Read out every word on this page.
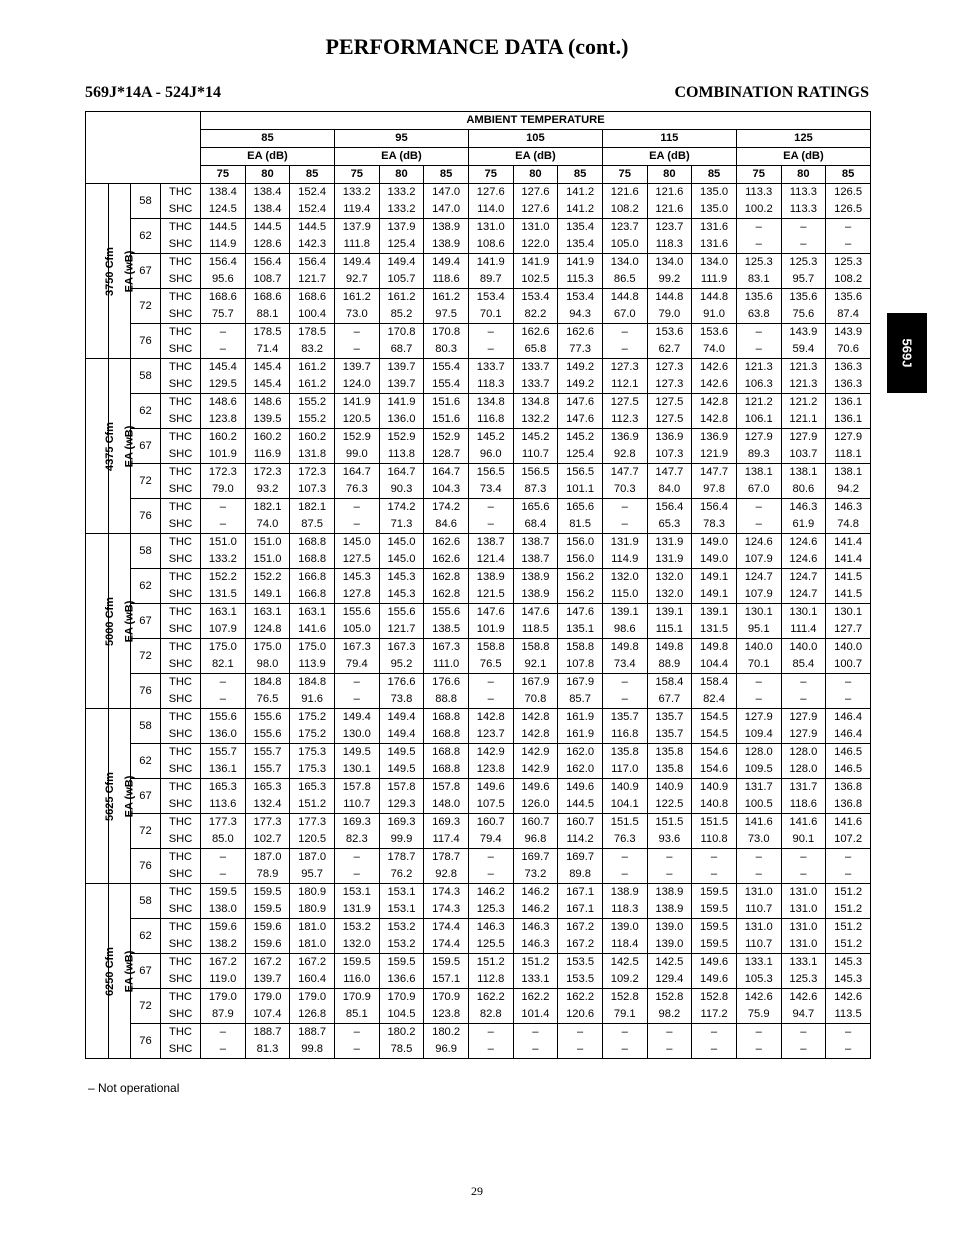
PERFORMANCE DATA (cont.)
569J*14A - 524J*14	COMBINATION RATINGS
569J
				AMBIENT TEMPERATURE														
				85			95			105			115			125		
				EA (dB)			EA (dB)			EA (dB)			EA (dB)			EA (dB)		
				75	80	85	75	80	85	75	80	85	75	80	85	75	80	85
3750 Cfm	EA (wB)	58	THC	138.4	138.4	152.4	133.2	133.2	147.0	127.6	127.6	141.2	121.6	121.6	135.0	113.3	113.3	126.5
			SHC	124.5	138.4	152.4	119.4	133.2	147.0	114.0	127.6	141.2	108.2	121.6	135.0	100.2	113.3	126.5
		62	THC	144.5	144.5	144.5	137.9	137.9	138.9	131.0	131.0	135.4	123.7	123.7	131.6	–	–	–
			SHC	114.9	128.6	142.3	111.8	125.4	138.9	108.6	122.0	135.4	105.0	118.3	131.6	–	–	–
		67	THC	156.4	156.4	156.4	149.4	149.4	149.4	141.9	141.9	141.9	134.0	134.0	134.0	125.3	125.3	125.3
			SHC	95.6	108.7	121.7	92.7	105.7	118.6	89.7	102.5	115.3	86.5	99.2	111.9	83.1	95.7	108.2
		72	THC	168.6	168.6	168.6	161.2	161.2	161.2	153.4	153.4	153.4	144.8	144.8	144.8	135.6	135.6	135.6
			SHC	75.7	88.1	100.4	73.0	85.2	97.5	70.1	82.2	94.3	67.0	79.0	91.0	63.8	75.6	87.4
		76	THC	–	178.5	178.5	–	170.8	170.8	–	162.6	162.6	–	153.6	153.6	–	143.9	143.9
			SHC	–	71.4	83.2	–	68.7	80.3	–	65.8	77.3	–	62.7	74.0	–	59.4	70.6
4375 Cfm	EA (wB)	58	THC	145.4	145.4	161.2	139.7	139.7	155.4	133.7	133.7	149.2	127.3	127.3	142.6	121.3	121.3	136.3
			SHC	129.5	145.4	161.2	124.0	139.7	155.4	118.3	133.7	149.2	112.1	127.3	142.6	106.3	121.3	136.3
		62	THC	148.6	148.6	155.2	141.9	141.9	151.6	134.8	134.8	147.6	127.5	127.5	142.8	121.2	121.2	136.1
			SHC	123.8	139.5	155.2	120.5	136.0	151.6	116.8	132.2	147.6	112.3	127.5	142.8	106.1	121.1	136.1
		67	THC	160.2	160.2	160.2	152.9	152.9	152.9	145.2	145.2	145.2	136.9	136.9	136.9	127.9	127.9	127.9
			SHC	101.9	116.9	131.8	99.0	113.8	128.7	96.0	110.7	125.4	92.8	107.3	121.9	89.3	103.7	118.1
		72	THC	172.3	172.3	172.3	164.7	164.7	164.7	156.5	156.5	156.5	147.7	147.7	147.7	138.1	138.1	138.1
			SHC	79.0	93.2	107.3	76.3	90.3	104.3	73.4	87.3	101.1	70.3	84.0	97.8	67.0	80.6	94.2
		76	THC	–	182.1	182.1	–	174.2	174.2	–	165.6	165.6	–	156.4	156.4	–	146.3	146.3
			SHC	–	74.0	87.5	–	71.3	84.6	–	68.4	81.5	–	65.3	78.3	–	61.9	74.8
5000 Cfm	EA (wB)	58	THC	151.0	151.0	168.8	145.0	145.0	162.6	138.7	138.7	156.0	131.9	131.9	149.0	124.6	124.6	141.4
			SHC	133.2	151.0	168.8	127.5	145.0	162.6	121.4	138.7	156.0	114.9	131.9	149.0	107.9	124.6	141.4
		62	THC	152.2	152.2	166.8	145.3	145.3	162.8	138.9	138.9	156.2	132.0	132.0	149.1	124.7	124.7	141.5
			SHC	131.5	149.1	166.8	127.8	145.3	162.8	121.5	138.9	156.2	115.0	132.0	149.1	107.9	124.7	141.5
		67	THC	163.1	163.1	163.1	155.6	155.6	155.6	147.6	147.6	147.6	139.1	139.1	139.1	130.1	130.1	130.1
			SHC	107.9	124.8	141.6	105.0	121.7	138.5	101.9	118.5	135.1	98.6	115.1	131.5	95.1	111.4	127.7
		72	THC	175.0	175.0	175.0	167.3	167.3	167.3	158.8	158.8	158.8	149.8	149.8	149.8	140.0	140.0	140.0
			SHC	82.1	98.0	113.9	79.4	95.2	111.0	76.5	92.1	107.8	73.4	88.9	104.4	70.1	85.4	100.7
		76	THC	–	184.8	184.8	–	176.6	176.6	–	167.9	167.9	–	158.4	158.4	–	–	–
			SHC	–	76.5	91.6	–	73.8	88.8	–	70.8	85.7	–	67.7	82.4	–	–	–
5625 Cfm	EA (wB)	58	THC	155.6	155.6	175.2	149.4	149.4	168.8	142.8	142.8	161.9	135.7	135.7	154.5	127.9	127.9	146.4
			SHC	136.0	155.6	175.2	130.0	149.4	168.8	123.7	142.8	161.9	116.8	135.7	154.5	109.4	127.9	146.4
		62	THC	155.7	155.7	175.3	149.5	149.5	168.8	142.9	142.9	162.0	135.8	135.8	154.6	128.0	128.0	146.5
			SHC	136.1	155.7	175.3	130.1	149.5	168.8	123.8	142.9	162.0	117.0	135.8	154.6	109.5	128.0	146.5
		67	THC	165.3	165.3	165.3	157.8	157.8	157.8	149.6	149.6	149.6	140.9	140.9	140.9	131.7	131.7	136.8
			SHC	113.6	132.4	151.2	110.7	129.3	148.0	107.5	126.0	144.5	104.1	122.5	140.8	100.5	118.6	136.8
		72	THC	177.3	177.3	177.3	169.3	169.3	169.3	160.7	160.7	160.7	151.5	151.5	151.5	141.6	141.6	141.6
			SHC	85.0	102.7	120.5	82.3	99.9	117.4	79.4	96.8	114.2	76.3	93.6	110.8	73.0	90.1	107.2
		76	THC	–	187.0	187.0	–	178.7	178.7	–	169.7	169.7	–	–	–	–	–	–
			SHC	–	78.9	95.7	–	76.2	92.8	–	73.2	89.8	–	–	–	–	–	–
6250 Cfm	EA (wB)	58	THC	159.5	159.5	180.9	153.1	153.1	174.3	146.2	146.2	167.1	138.9	138.9	159.5	131.0	131.0	151.2
			SHC	138.0	159.5	180.9	131.9	153.1	174.3	125.3	146.2	167.1	118.3	138.9	159.5	110.7	131.0	151.2
		62	THC	159.6	159.6	181.0	153.2	153.2	174.4	146.3	146.3	167.2	139.0	139.0	159.5	131.0	131.0	151.2
			SHC	138.2	159.6	181.0	132.0	153.2	174.4	125.5	146.3	167.2	118.4	139.0	159.5	110.7	131.0	151.2
		67	THC	167.2	167.2	167.2	159.5	159.5	159.5	151.2	151.2	153.5	142.5	142.5	149.6	133.1	133.1	145.3
			SHC	119.0	139.7	160.4	116.0	136.6	157.1	112.8	133.1	153.5	109.2	129.4	149.6	105.3	125.3	145.3
		72	THC	179.0	179.0	179.0	170.9	170.9	170.9	162.2	162.2	162.2	152.8	152.8	152.8	142.6	142.6	142.6
			SHC	87.9	107.4	126.8	85.1	104.5	123.8	82.8	101.4	120.6	79.1	98.2	117.2	75.9	94.7	113.5
		76	THC	–	188.7	188.7	–	180.2	180.2	–	–	–	–	–	–	–	–	–
			SHC	–	81.3	99.8	–	78.5	96.9	–	–	–	–	–	–	–	–	–
– Not operational
29
